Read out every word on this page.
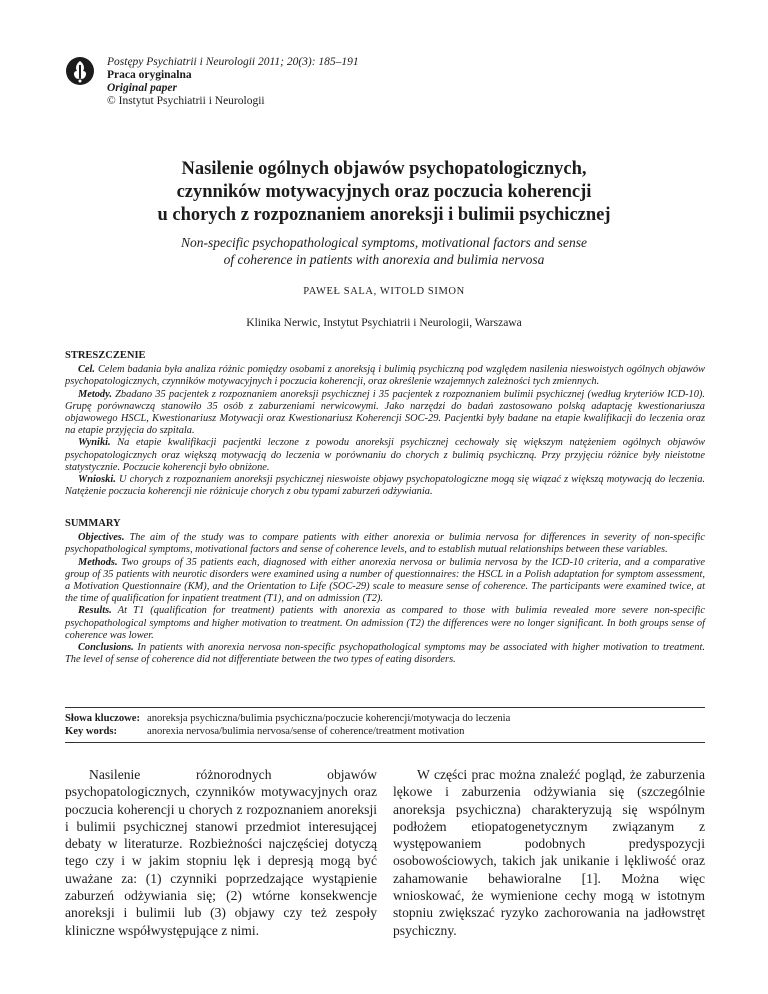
Postępy Psychiatrii i Neurologii 2011; 20(3): 185–191
Praca oryginalna
Original paper
© Instytut Psychiatrii i Neurologii
Nasilenie ogólnych objawów psychopatologicznych,
czynników motywacyjnych oraz poczucia koherencji
u chorych z rozpoznaniem anoreksji i bulimii psychicznej
Non-specific psychopathological symptoms, motivational factors and sense
of coherence in patients with anorexia and bulimia nervosa
PAWEŁ SALA, WITOLD SIMON
Klinika Nerwic, Instytut Psychiatrii i Neurologii, Warszawa
STRESZCZENIE

Cel. Celem badania była analiza różnic pomiędzy osobami z anoreksją i bulimią psychiczną pod względem nasilenia nieswoistych ogólnych objawów psychopatologicznych, czynników motywacyjnych i poczucia koherencji, oraz określenie wzajemnych zależności tych zmiennych.

Metody. Zbadano 35 pacjentek z rozpoznaniem anoreksji psychicznej i 35 pacjentek z rozpoznaniem bulimii psychicznej (według kryteriów ICD-10). Grupę porównawczą stanowiło 35 osób z zaburzeniami nerwicowymi. Jako narzędzi do badań zastosowano polską adaptację kwestionariusza objawowego HSCL, Kwestionariusz Motywacji oraz Kwestionariusz Koherencji SOC-29. Pacjentki były badane na etapie kwalifikacji do leczenia oraz na etapie przyjęcia do szpitala.

Wyniki. Na etapie kwalifikacji pacjentki leczone z powodu anoreksji psychicznej cechowały się większym natężeniem ogólnych objawów psychopatologicznych oraz większą motywacją do leczenia w porównaniu do chorych z bulimią psychiczną. Przy przyjęciu różnice były nieistotne statystycznie. Poczucie koherencji było obniżone.

Wnioski. U chorych z rozpoznaniem anoreksji psychicznej nieswoiste objawy psychopatologiczne mogą się wiązać z większą motywacją do leczenia. Natężenie poczucia koherencji nie różnicuje chorych z obu typami zaburzeń odżywiania.

SUMMARY

Objectives. The aim of the study was to compare patients with either anorexia or bulimia nervosa for differences in severity of non-specific psychopathological symptoms, motivational factors and sense of coherence levels, and to establish mutual relationships between these variables.

Methods. Two groups of 35 patients each, diagnosed with either anorexia nervosa or bulimia nervosa by the ICD-10 criteria, and a comparative group of 35 patients with neurotic disorders were examined using a number of questionnaires: the HSCL in a Polish adaptation for symptom assessment, a Motivation Questionnaire (KM), and the Orientation to Life (SOC-29) scale to measure sense of coherence. The participants were examined twice, at the time of qualification for inpatient treatment (T1), and on admission (T2).

Results. At T1 (qualification for treatment) patients with anorexia as compared to those with bulimia revealed more severe non-specific psychopathological symptoms and higher motivation to treatment. On admission (T2) the differences were no longer significant. In both groups sense of coherence was lower.

Conclusions. In patients with anorexia nervosa non-specific psychopathological symptoms may be associated with higher motivation to treatment. The level of sense of coherence did not differentiate between the two types of eating disorders.

Słowa kluczowe: anoreksja psychiczna/bulimia psychiczna/poczucie koherencji/motywacja do leczenia
Key words:	anorexia nervosa/bulimia nervosa/sense of coherence/treatment motivation
Nasilenie różnorodnych objawów psychopatologicznych, czynników motywacyjnych oraz poczucia koherencji u chorych z rozpoznaniem anoreksji i bulimii psychicznej stanowi przedmiot interesującej debaty w literaturze. Rozbieżności najczęściej dotyczą tego czy i w jakim stopniu lęk i depresją mogą być uważane za: (1) czynniki poprzedzające wystąpienie zaburzeń odżywiania się; (2) wtórne konsekwencje anoreksji i bulimii lub (3) objawy czy też zespoły kliniczne współwystępujące z nimi.
W części prac można znaleźć pogląd, że zaburzenia lękowe i zaburzenia odżywiania się (szczególnie anoreksja psychiczna) charakteryzują się wspólnym podłożem etiopatogenetycznym związanym z występowaniem podobnych predyspozycji osobowościowych, takich jak unikanie i lękliwość oraz zahamowanie behawioralne [1]. Można więc wnioskować, że wymienione cechy mogą w istotnym stopniu zwiększać ryzyko zachorowania na jadłowstręt psychiczny.
